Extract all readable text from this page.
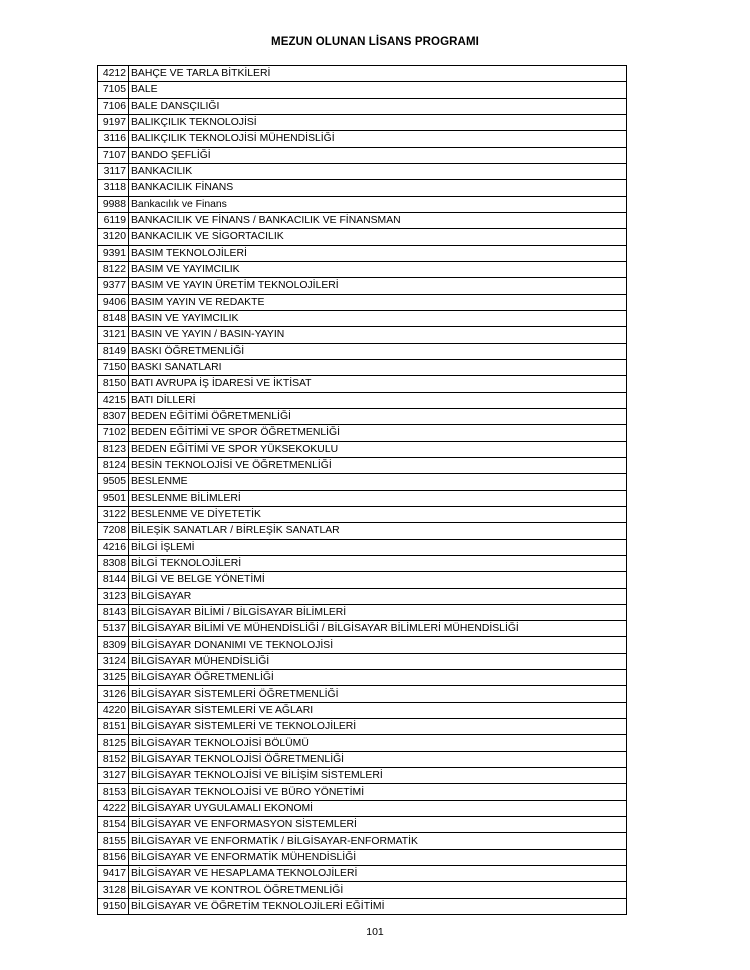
MEZUN OLUNAN LİSANS PROGRAMI
4212	BAHÇE VE TARLA BİTKİLERİ
7105	BALE
7106	BALE DANSÇILIĞI
9197	BALIKÇILIK TEKNOLOJİSİ
3116	BALIKÇILIK TEKNOLOJİSİ MÜHENDİSLİĞİ
7107	BANDO ŞEFLİĞİ
3117	BANKACILIK
3118	BANKACILIK FİNANS
9988	Bankacılık ve Finans
6119	BANKACILIK VE FİNANS / BANKACILIK VE FİNANSMAN
3120	BANKACILIK VE SİGORTACILIK
9391	BASIM TEKNOLOJİLERİ
8122	BASIM VE YAYIMCILIK
9377	BASIM VE YAYIN ÜRETİM TEKNOLOJİLERİ
9406	BASIM YAYIN VE REDAKTE
8148	BASIN VE YAYIMCILIK
3121	BASIN VE YAYIN / BASIN-YAYIN
8149	BASKI ÖĞRETMENLİĞİ
7150	BASKI SANATLARI
8150	BATI AVRUPA İŞ İDARESİ VE İKTİSAT
4215	BATI DİLLERİ
8307	BEDEN EĞİTİMİ ÖĞRETMENLİĞİ
7102	BEDEN EĞİTİMİ VE SPOR ÖĞRETMENLİĞİ
8123	BEDEN EĞİTİMİ VE SPOR YÜKSEKOKULU
8124	BESİN TEKNOLOJİSİ VE ÖĞRETMENLİĞİ
9505	BESLENME
9501	BESLENME BİLİMLERİ
3122	BESLENME VE DİYETETİK
7208	BİLEŞİK SANATLAR / BİRLEŞİK SANATLAR
4216	BİLGİ İŞLEMİ
8308	BİLGİ TEKNOLOJİLERİ
8144	BİLGİ VE BELGE YÖNETİMİ
3123	BİLGİSAYAR
8143	BİLGİSAYAR BİLİMİ / BİLGİSAYAR BİLİMLERİ
5137	BİLGİSAYAR BİLİMİ VE MÜHENDİSLİĞİ / BİLGİSAYAR BİLİMLERİ MÜHENDİSLİĞİ
8309	BİLGİSAYAR DONANIMI VE TEKNOLOJİSİ
3124	BİLGİSAYAR MÜHENDİSLİĞİ
3125	BİLGİSAYAR ÖĞRETMENLİĞİ
3126	BİLGİSAYAR SİSTEMLERİ ÖĞRETMENLİĞİ
4220	BİLGİSAYAR SİSTEMLERİ VE AĞLARI
8151	BİLGİSAYAR SİSTEMLERİ VE TEKNOLOJİLERİ
8125	BİLGİSAYAR TEKNOLOJİSİ BÖLÜMÜ
8152	BİLGİSAYAR TEKNOLOJİSİ ÖĞRETMENLİĞİ
3127	BİLGİSAYAR TEKNOLOJİSİ VE BİLİŞİM SİSTEMLERİ
8153	BİLGİSAYAR TEKNOLOJİSİ VE BÜRO YÖNETİMİ
4222	BİLGİSAYAR UYGULAMALI EKONOMİ
8154	BİLGİSAYAR VE ENFORMASYON SİSTEMLERİ
8155	BİLGİSAYAR VE ENFORMATİK / BİLGİSAYAR-ENFORMATİK
8156	BİLGİSAYAR VE ENFORMATİK MÜHENDİSLİĞİ
9417	BİLGİSAYAR VE HESAPLAMA TEKNOLOJİLERİ
3128	BİLGİSAYAR VE KONTROL ÖĞRETMENLİĞİ
9150	BİLGİSAYAR VE ÖĞRETİM TEKNOLOJİLERİ EĞİTİMİ
101
